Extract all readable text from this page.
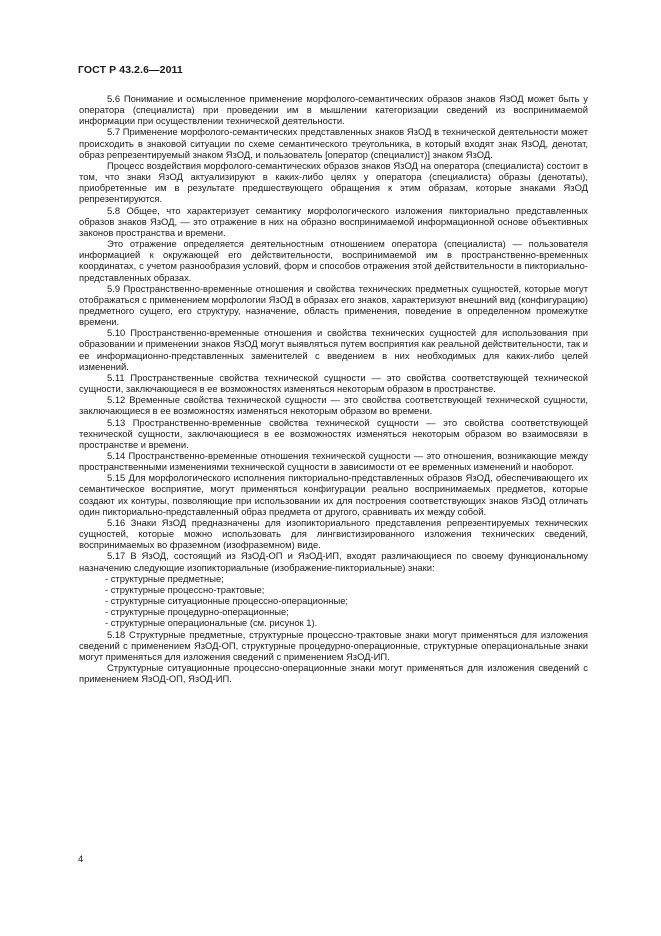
ГОСТ Р 43.2.6—2011

5.6 Понимание и осмысленное применение морфолого-семантических образов знаков ЯзОД может быть у оператора (специалиста) при проведении им в мышлении категоризации сведений из воспринимаемой информации при осуществлении технической деятельности.

5.7 Применение морфолого-семантических представленных знаков ЯзОД в технической деятельности может происходить в знаковой ситуации по схеме семантического треугольника, в который входят знак ЯзОД, денотат, образ репрезентируемый знаком ЯзОД, и пользователь [оператор (специалист)] знаком ЯзОД.

Процесс воздействия морфолого-семантических образов знаков ЯзОД на оператора (специалиста) состоит в том, что знаки ЯзОД актуализируют в каких-либо целях у оператора (специалиста) образы (денотаты), приобретенные им в результате предшествующего обращения к этим образам, которые знаками ЯзОД репрезентируются.

5.8 Общее, что характеризует семантику морфологического изложения пикториально представленных образов знаков ЯзОД, — это отражение в них на образно воспринимаемой информационной основе объективных законов пространства и времени.

Это отражение определяется деятельностным отношением оператора (специалиста) — пользователя информацией к окружающей его действительности, воспринимаемой им в пространственно-временных координатах, с учетом разнообразия условий, форм и способов отражения этой действительности в пикториально-представленных образах.

5.9 Пространственно-временные отношения и свойства технических предметных сущностей, которые могут отображаться с применением морфологии ЯзОД в образах его знаков, характеризуют внешний вид (конфигурацию) предметного сущего, его структуру, назначение, область применения, поведение в определенном промежутке времени.

5.10 Пространственно-временные отношения и свойства технических сущностей для использования при образовании и применении знаков ЯзОД могут выявляться путем восприятия как реальной действительности, так и ее информационно-представленных заменителей с введением в них необходимых для каких-либо целей изменений.

5.11 Пространственные свойства технической сущности — это свойства соответствующей технической сущности, заключающиеся в ее возможностях изменяться некоторым образом в пространстве.

5.12 Временные свойства технической сущности — это свойства соответствующей технической сущности, заключающиеся в ее возможностях изменяться некоторым образом во времени.

5.13 Пространственно-временные свойства технической сущности — это свойства соответствующей технической сущности, заключающиеся в ее возможностях изменяться некоторым образом во взаимосвязи в пространстве и времени.

5.14 Пространственно-временные отношения технической сущности — это отношения, возникающие между пространственными изменениями технической сущности в зависимости от ее временных изменений и наоборот.

5.15 Для морфологического исполнения пикториально-представленных образов ЯзОД, обеспечивающего их семантическое восприятие, могут применяться конфигурации реально воспринимаемых предметов, которые создают их контуры, позволяющие при использовании их для построения соответствующих знаков ЯзОД отличать один пикториально-представленный образ предмета от другого, сравнивать их между собой.

5.16 Знаки ЯзОД предназначены для изопикториального представления репрезентируемых технических сущностей, которые можно использовать для лингвистизированного изложения технических сведений, воспринимаемых во фраземном (изофраземном) виде.

5.17 В ЯзОД, состоящий из ЯзОД-ОП и ЯзОД-ИП, входят различающиеся по своему функциональному назначению следующие изопикториальные (изображение-пикториальные) знаки:

- структурные предметные;
- структурные процессно-трактовые;
- структурные ситуационные процессно-операционные;
- структурные процедурно-операционные;
- структурные операциональные (см. рисунок 1).

5.18 Структурные предметные, структурные процессно-трактовые знаки могут применяться для изложения сведений с применением ЯзОД-ОП, структурные процедурно-операционные, структурные операциональные знаки могут применяться для изложения сведений с применением ЯзОД-ИП.

Структурные ситуационные процессно-операционные знаки могут применяться для изложения сведений с применением ЯзОД-ОП, ЯзОД-ИП.

4
